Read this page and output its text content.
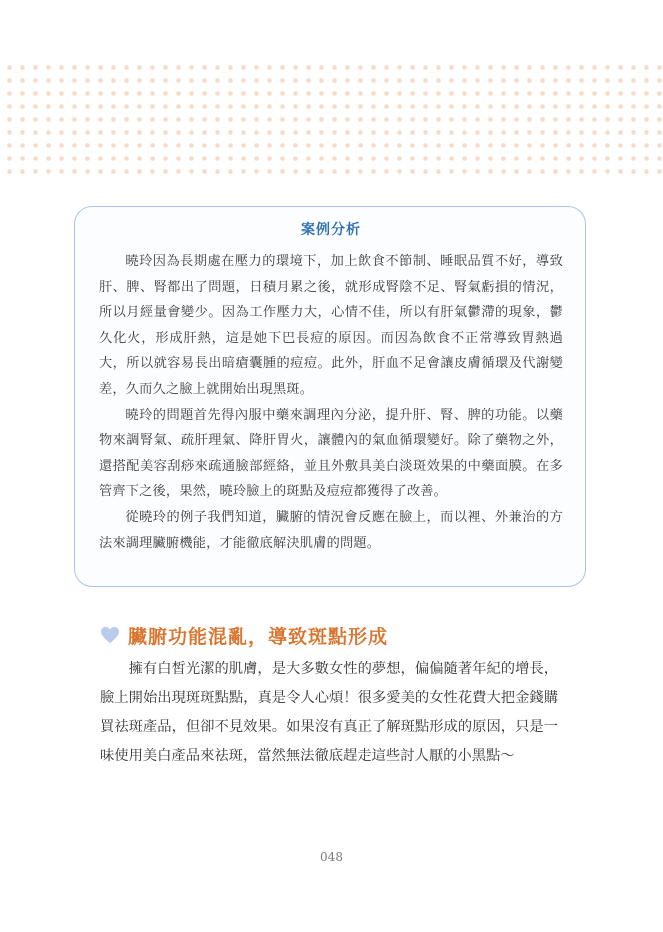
案例分析

曉玲因為長期處在壓力的環境下，加上飲食不節制、睡眠品質不好，導致肝、脾、腎都出了問題，日積月累之後，就形成腎陰不足、腎氣虧損的情況，所以月經量會變少。因為工作壓力大，心情不佳，所以有肝氣鬱滯的現象，鬱久化火，形成肝熱，這是她下巴長痘的原因。而因為飲食不正常導致胃熱過大，所以就容易長出暗瘡囊腫的痘痘。此外，肝血不足會讓皮膚循環及代謝變差，久而久之臉上就開始出現黑斑。

曉玲的問題首先得內服中藥來調理內分泌，提升肝、腎、脾的功能。以藥物來調腎氣、疏肝理氣、降肝胃火，讓體內的氣血循環變好。除了藥物之外，還搭配美容刮痧來疏通臉部經絡，並且外敷具美白淡斑效果的中藥面膜。在多管齊下之後，果然，曉玲臉上的斑點及痘痘都獲得了改善。

從曉玲的例子我們知道，臟腑的情況會反應在臉上，而以裡、外兼治的方法來調理臟腑機能，才能徹底解決肌膚的問題。

臟腑功能混亂，導致斑點形成

擁有白皙光潔的肌膚，是大多數女性的夢想，偏偏隨著年紀的增長，臉上開始出現斑斑點點，真是令人心煩！很多愛美的女性花費大把金錢購買祛斑產品，但卻不見效果。如果沒有真正了解斑點形成的原因，只是一味使用美白產品來祛斑，當然無法徹底趕走這些討人厭的小黑點～

048
